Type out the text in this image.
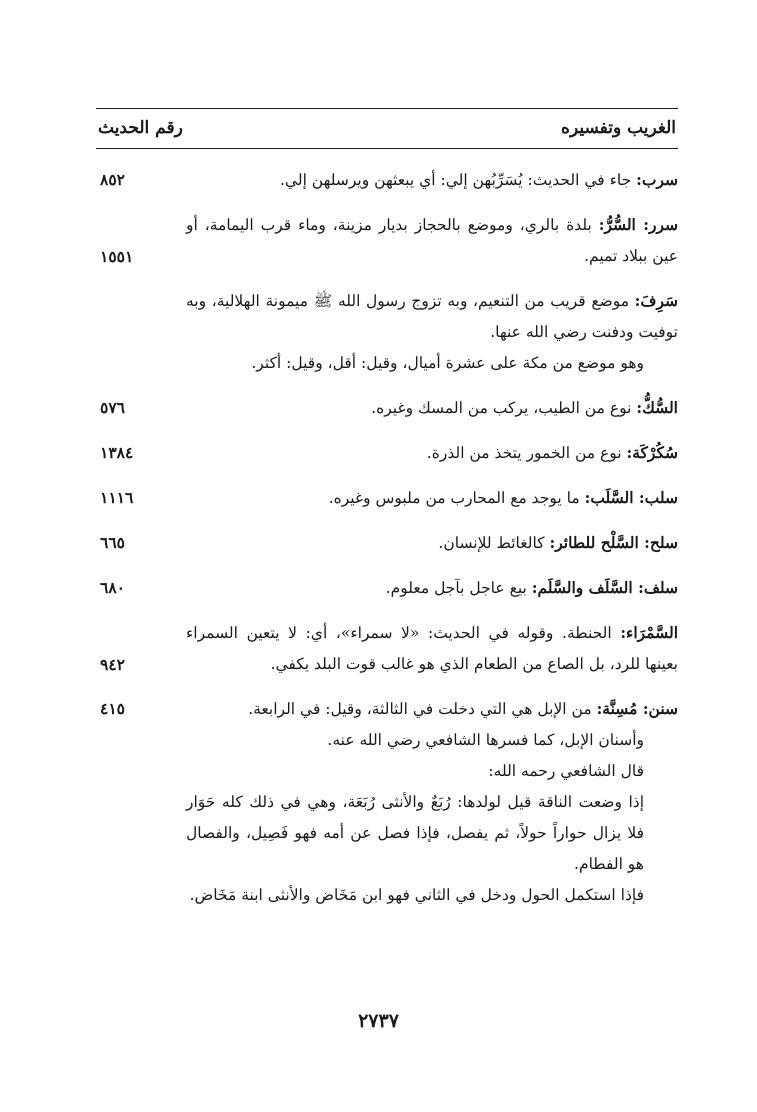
الغريب وتفسيره
رقم الحديث

سرب: جاء في الحديث: يُسَرِّبُهن إلي: أي يبعثهن ويرسلهن إلي.

٨٥٢

سرر: السُّرُّ: بلدة بالري، وموضع بالحجاز بديار مزينة، وماء قرب اليمامة، أو عين ببلاد تميم.

١٥٥١

سَرِفَ: موضع قريب من التنعيم، وبه تزوج رسول الله ﷺ ميمونة الهلالية، وبه توفيت ودفنت رضي الله عنها.

وهو موضع من مكة على عشرة أميال، وقيل: أقل، وقيل: أكثر.

السُّكُّ: نوع من الطيب، يركب من المسك وغيره.

٥٧٦

سُكُرْكَة: نوع من الخمور يتخذ من الذرة.

١٣٨٤

سلب: السَّلَب: ما يوجد مع المحارب من ملبوس وغيره.

١١١٦

سلح: السَّلْح للطائر: كالغائط للإنسان.

٦٦٥

سلف: السَّلَف والسَّلَم: بيع عاجل بآجل معلوم.

٦٨٠

السَّمْرَاء: الحنطة. وقوله في الحديث: «لا سمراء»، أي: لا يتعين السمراء بعينها للرد، بل الصاع من الطعام الذي هو غالب قوت البلد يكفي.

٩٤٢

سنن: مُسِنَّة: من الإبل هي التي دخلت في الثالثة، وقيل: في الرابعة.

وأسنان الإبل، كما فسرها الشافعي رضي الله عنه.

قال الشافعي رحمه الله:

إذا وضعت الناقة قيل لولدها: رُبَعٌ والأنثى رُبَعَة، وهي في ذلك كله حَوَار فلا يزال حواراً حولاً، ثم يفصل، فإذا فصل عن أمه فهو فَصِيل، والفصال هو الفطام.

فإذا استكمل الحول ودخل في الثاني فهو ابن مَخَاض والأنثى ابنة مَخَاض.

٤١٥
٢٧٣٧
